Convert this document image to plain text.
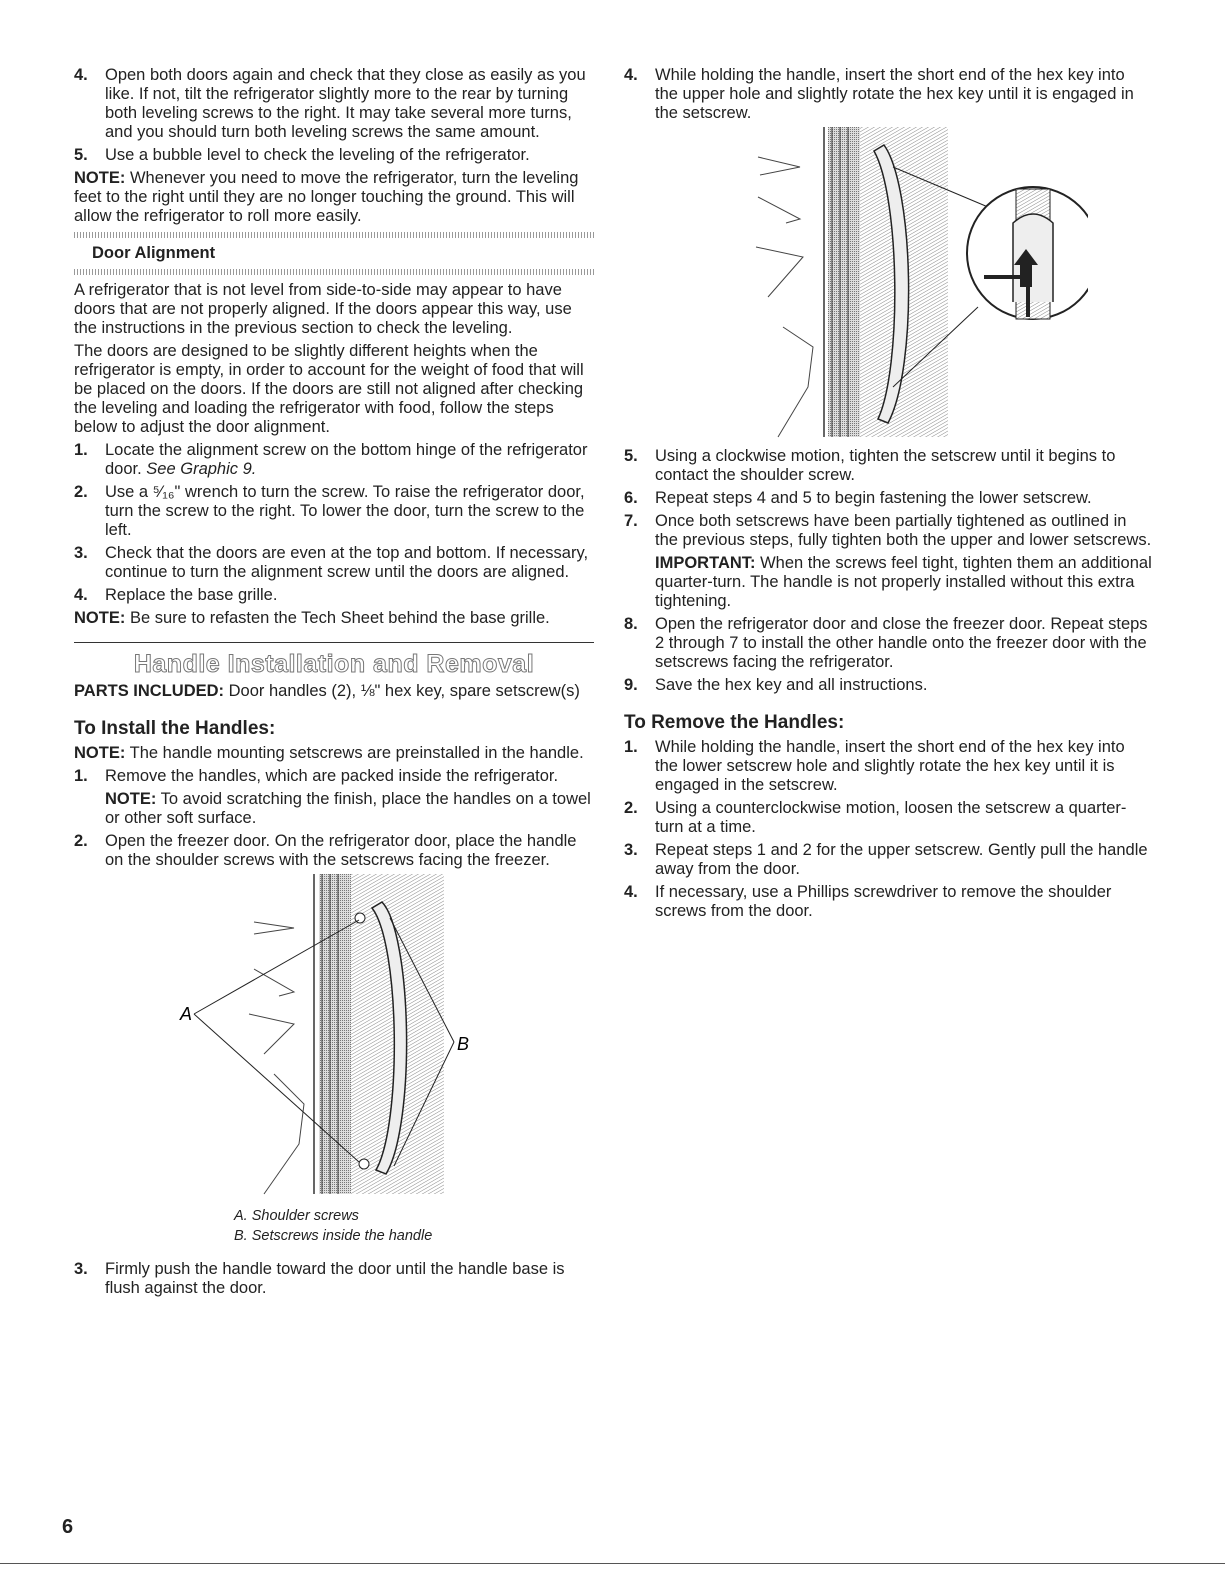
4. Open both doors again and check that they close as easily as you like. If not, tilt the refrigerator slightly more to the rear by turning both leveling screws to the right. It may take several more turns, and you should turn both leveling screws the same amount.
5. Use a bubble level to check the leveling of the refrigerator.

NOTE: Whenever you need to move the refrigerator, turn the leveling feet to the right until they are no longer touching the ground. This will allow the refrigerator to roll more easily.

Door Alignment

A refrigerator that is not level from side-to-side may appear to have doors that are not properly aligned. If the doors appear this way, use the instructions in the previous section to check the leveling.

The doors are designed to be slightly different heights when the refrigerator is empty, in order to account for the weight of food that will be placed on the doors. If the doors are still not aligned after checking the leveling and loading the refrigerator with food, follow the steps below to adjust the door alignment.

1. Locate the alignment screw on the bottom hinge of the refrigerator door. See Graphic 9.
2. Use a ⁵⁄₁₆" wrench to turn the screw. To raise the refrigerator door, turn the screw to the right. To lower the door, turn the screw to the left.
3. Check that the doors are even at the top and bottom. If necessary, continue to turn the alignment screw until the doors are aligned.
4. Replace the base grille.

NOTE: Be sure to refasten the Tech Sheet behind the base grille.

Handle Installation and Removal

PARTS INCLUDED: Door handles (2), ⅛" hex key, spare setscrew(s)

To Install the Handles:

NOTE: The handle mounting setscrews are preinstalled in the handle.

1. Remove the handles, which are packed inside the refrigerator.

NOTE: To avoid scratching the finish, place the handles on a towel or other soft surface.

2. Open the freezer door. On the refrigerator door, place the handle on the shoulder screws with the setscrews facing the freezer.
A
B
A. Shoulder screws
B. Setscrews inside the handle
3. Firmly push the handle toward the door until the handle base is flush against the door.
4. While holding the handle, insert the short end of the hex key into the upper hole and slightly rotate the hex key until it is engaged in the setscrew.
5. Using a clockwise motion, tighten the setscrew until it begins to contact the shoulder screw.
6. Repeat steps 4 and 5 to begin fastening the lower setscrew.
7. Once both setscrews have been partially tightened as outlined in the previous steps, fully tighten both the upper and lower setscrews.

IMPORTANT: When the screws feel tight, tighten them an additional quarter-turn. The handle is not properly installed without this extra tightening.

8. Open the refrigerator door and close the freezer door. Repeat steps 2 through 7 to install the other handle onto the freezer door with the setscrews facing the refrigerator.
9. Save the hex key and all instructions.
To Remove the Handles:
1. While holding the handle, insert the short end of the hex key into the lower setscrew hole and slightly rotate the hex key until it is engaged in the setscrew.
2. Using a counterclockwise motion, loosen the setscrew a quarter-turn at a time.
3. Repeat steps 1 and 2 for the upper setscrew. Gently pull the handle away from the door.
4. If necessary, use a Phillips screwdriver to remove the shoulder screws from the door.
6
